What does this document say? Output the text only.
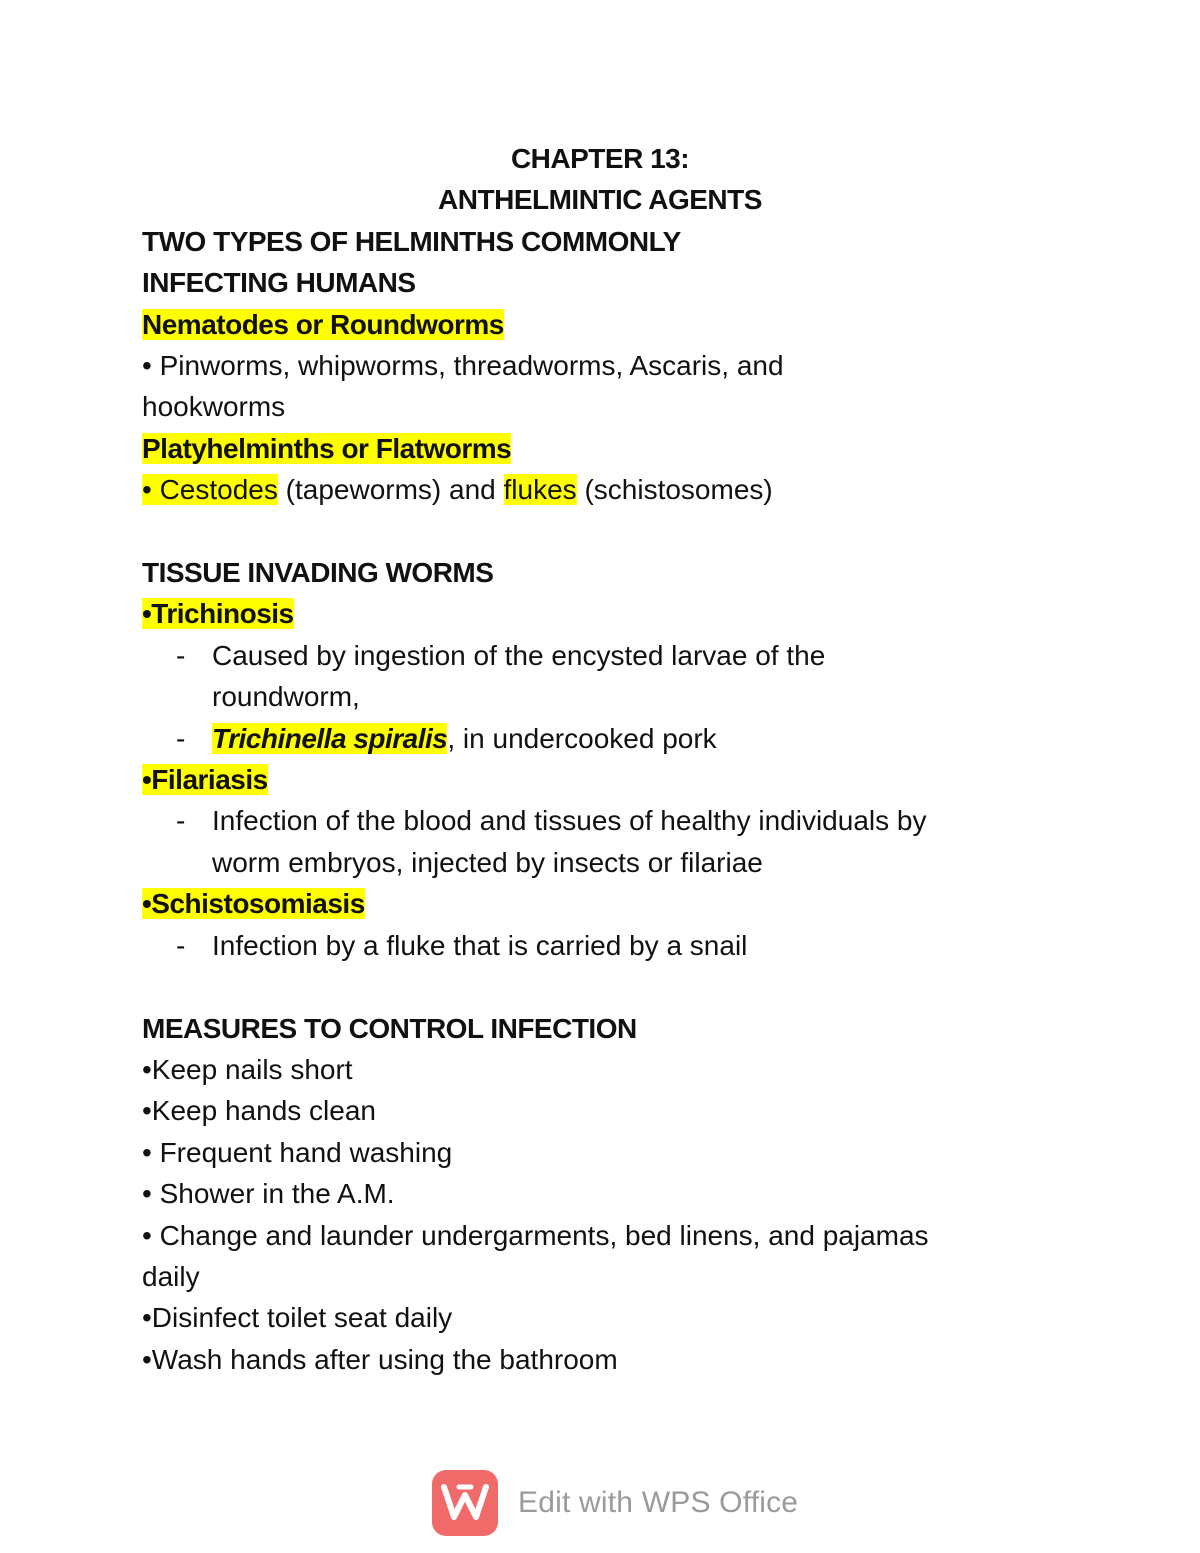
CHAPTER 13:

ANTHELMINTIC AGENTS

TWO TYPES OF HELMINTHS COMMONLY

INFECTING HUMANS

Nematodes or Roundworms

• Pinworms, whipworms, threadworms, Ascaris, and

hookworms

Platyhelminths or Flatworms

• Cestodes (tapeworms) and flukes (schistosomes)

TISSUE INVADING WORMS

•Trichinosis

- Caused by ingestion of the encysted larvae of the

roundworm,

- Trichinella spiralis, in undercooked pork

•Filariasis

- Infection of the blood and tissues of healthy individuals by

worm embryos, injected by insects or filariae

•Schistosomiasis

- Infection by a fluke that is carried by a snail

MEASURES TO CONTROL INFECTION

•Keep nails short

•Keep hands clean

• Frequent hand washing

• Shower in the A.M.

• Change and launder undergarments, bed linens, and pajamas

daily

•Disinfect toilet seat daily

•Wash hands after using the bathroom

Edit with WPS Office
